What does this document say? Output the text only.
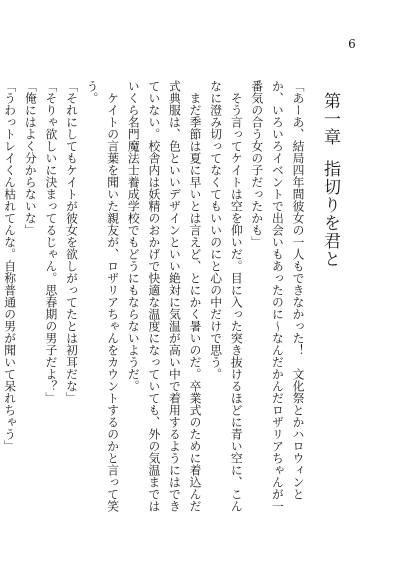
6
第一章指切りを君と

「あーあ、結局四年間彼女の一人もできなかった！　文化祭とかハロウィンとか、いろいろイベントで出会いもあったのに～なんだかんだロザリアちゃんが一番気の合う女の子だったかも」

そう言ってケイトは空を仰いだ。目に入った突き抜けるほどに青い空に、こんなに澄み切ってなくてもいいのにと心の中だけで思う。

まだ季節は夏に早いとは言えど、とにかく暑いのだ。卒業式のために着込んだ式典服は、色といいデザインといい絶対に気温が高い中で着用するようにはできていない。校舎内は妖精のおかげで快適な温度になっていても、外の気温まではいくら名門魔法士養成学校でもどうにもならないようだ。

ケイトの言葉を聞いた親友が、ロザリアちゃんをカウントするのかと言って笑う。

「それにしてもケイトが彼女を欲しがってたとは初耳だな」

「そりゃ欲しいに決まってるじゃん。思春期の男子だよ？」

「俺にはよく分からないな」

「うわっトレイくん枯れてんな。自称普通の男が聞いて呆れちゃう」
